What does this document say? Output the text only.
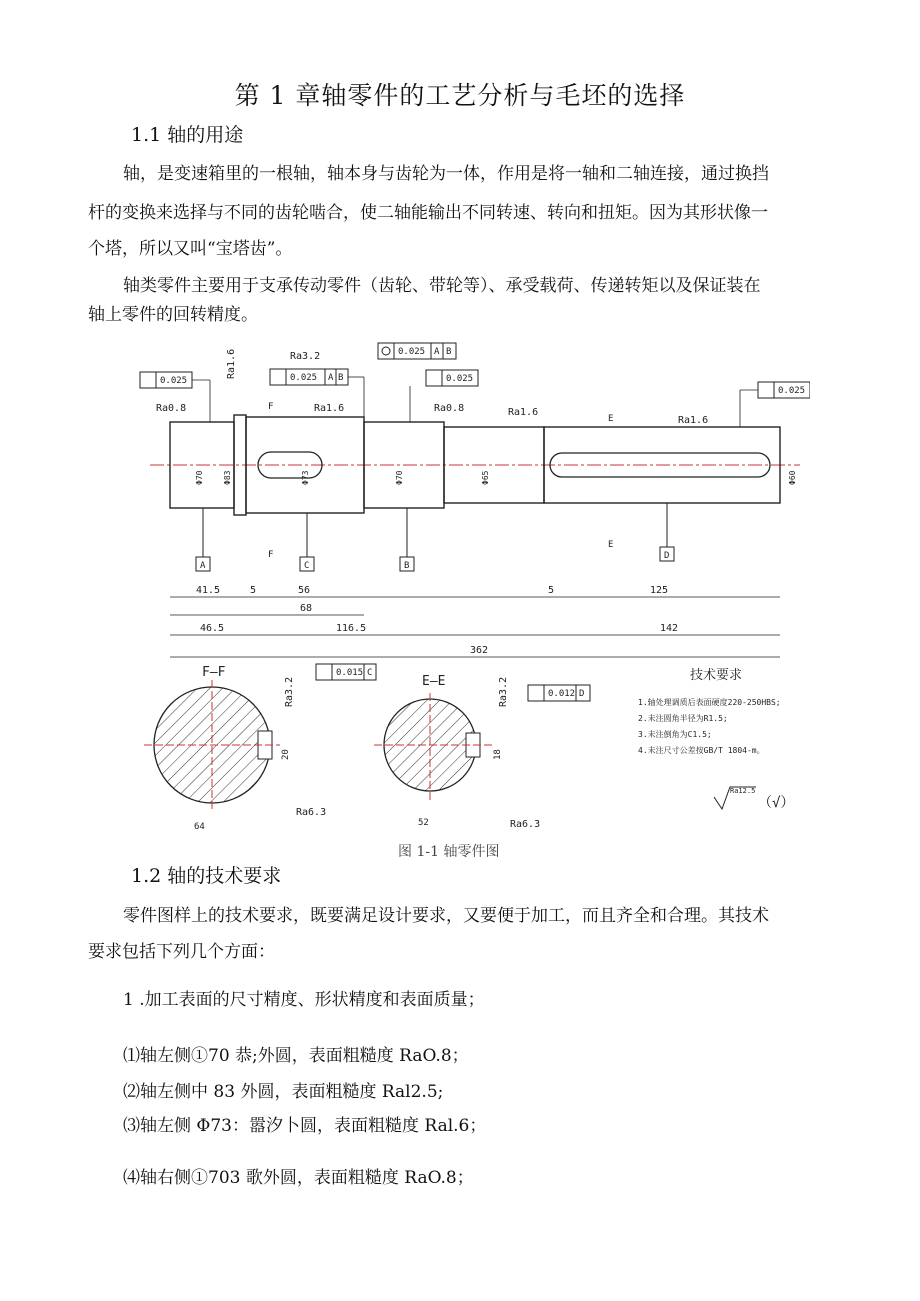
第 1 章轴零件的工艺分析与毛坯的选择
1.1 轴的用途
轴，是变速箱里的一根轴，轴本身与齿轮为一体，作用是将一轴和二轴连接，通过换挡
杆的变换来选择与不同的齿轮啮合，使二轴能输出不同转速、转向和扭矩。因为其形状像一
个塔，所以又叫“宝塔齿”。
轴类零件主要用于支承传动零件（齿轮、带轮等）、承受载荷、传递转矩以及保证装在
轴上零件的回转精度。
Φ70 Φ83	Φ73	Φ70	Φ65	Φ60
0.025	0.025 A B
0.025 A B
0.025
0.025
Ra0.8	Ra1.6	Ra0.8	Ra1.6
Ra1.6
Ra3.2
Ra1.6
A	C	B
D
F
F
E
E
41.5	5	56	5	125
68
46.5	116.5	142
362
F–F	0.015 C
Ra3.2
Ra6.3
64
20
E–E
0.012 D
Ra3.2
Ra6.3
52
18
技术要求
1.轴处理调质后表面硬度220-250HBS;
2.未注圆角半径为R1.5;
3.未注倒角为C1.5;
4.未注尺寸公差按GB/T 1804-m。
Ra12.5
（√）
图 1-1 轴零件图
1.2 轴的技术要求
零件图样上的技术要求，既要满足设计要求，又要便于加工，而且齐全和合理。其技术
要求包括下列几个方面：
1 .加工表面的尺寸精度、形状精度和表面质量；
⑴轴左侧①70 恭;外圆，表面粗糙度 RaO.8；
⑵轴左侧中 83 外圆，表面粗糙度 Ral2.5;
⑶轴左侧 Φ73：嚣汐卜圆，表面粗糙度 Ral.6；
⑷轴右侧①703 歌外圆，表面粗糙度 RaO.8；
